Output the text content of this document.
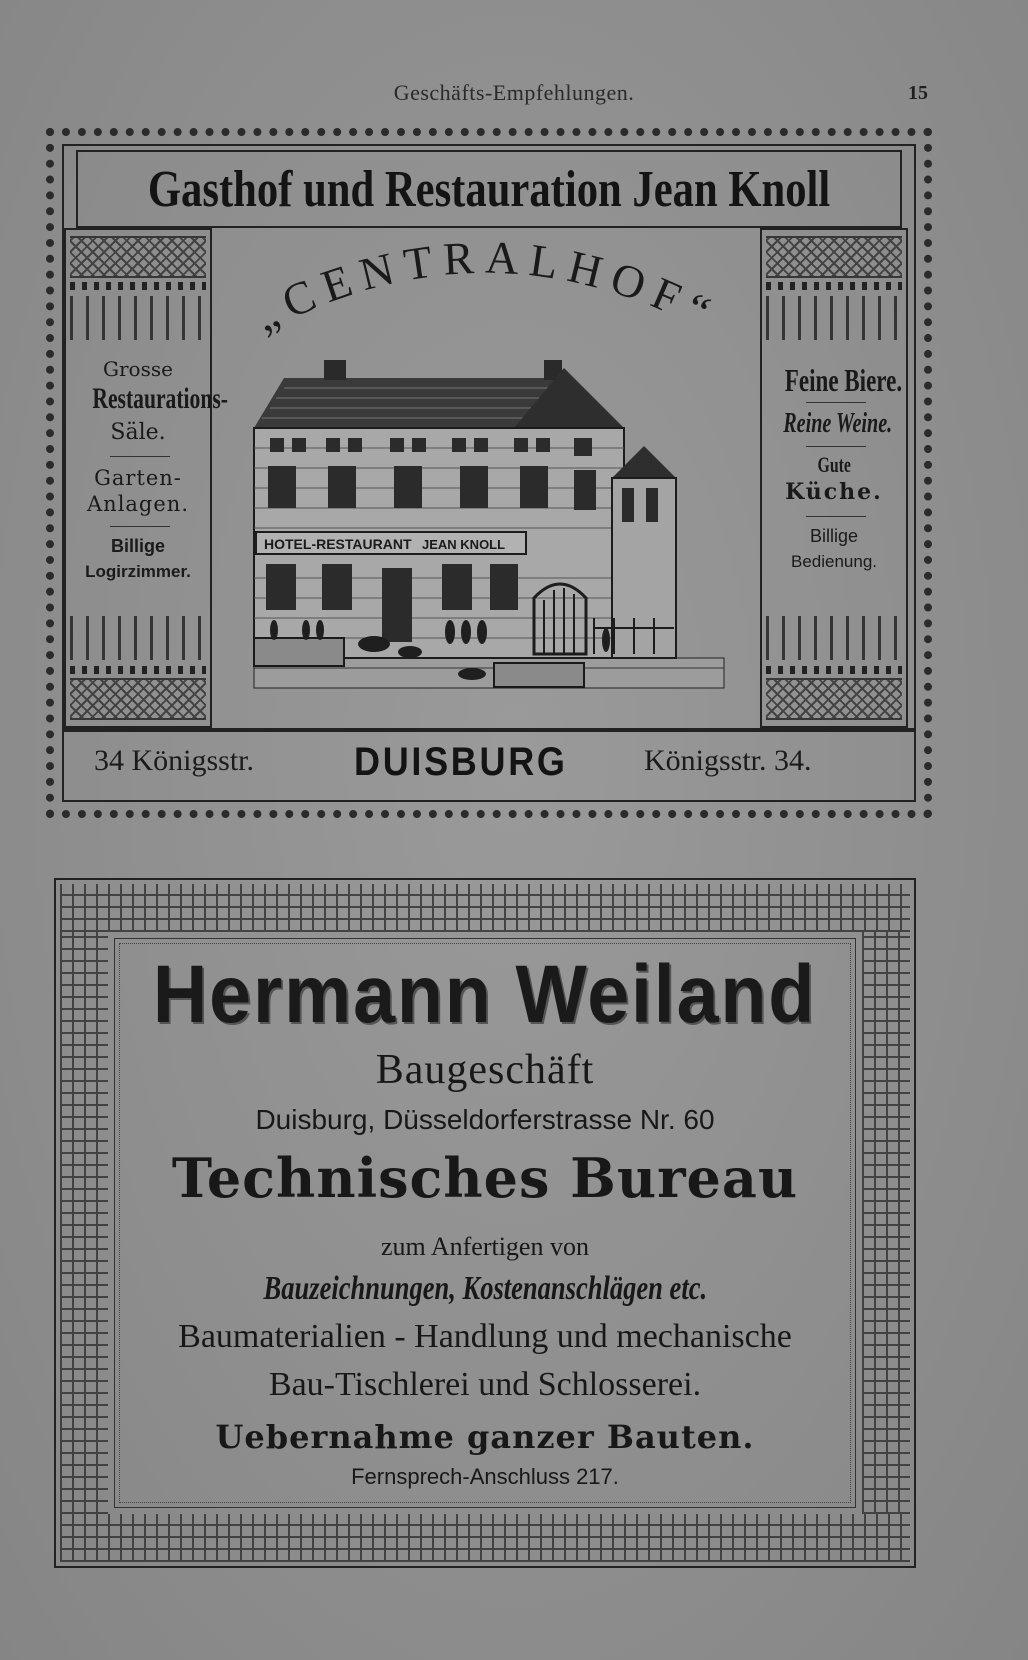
Geschäfts-Empfehlungen.	15
Gasthof und Restauration Jean Knoll
Grosse
Restaurations-
Säle.
Garten-
Anlagen.
Billige
Logirzimmer.
Feine Biere.
Reine Weine.
Gute
Küche.
Billige
Bedienung.
„CENTRALHOF“
HOTEL-RESTAURANT JEAN KNOLL
34 Königsstr. DUISBURG	Königsstr. 34.
Hermann Weiland
Baugeschäft
Duisburg, Düsseldorferstrasse Nr. 60
Technisches Bureau
zum Anfertigen von
Bauzeichnungen, Kostenanschlägen etc.
Baumaterialien - Handlung und mechanische
Bau-Tischlerei und Schlosserei.
Uebernahme ganzer Bauten.
Fernsprech-Anschluss 217.
